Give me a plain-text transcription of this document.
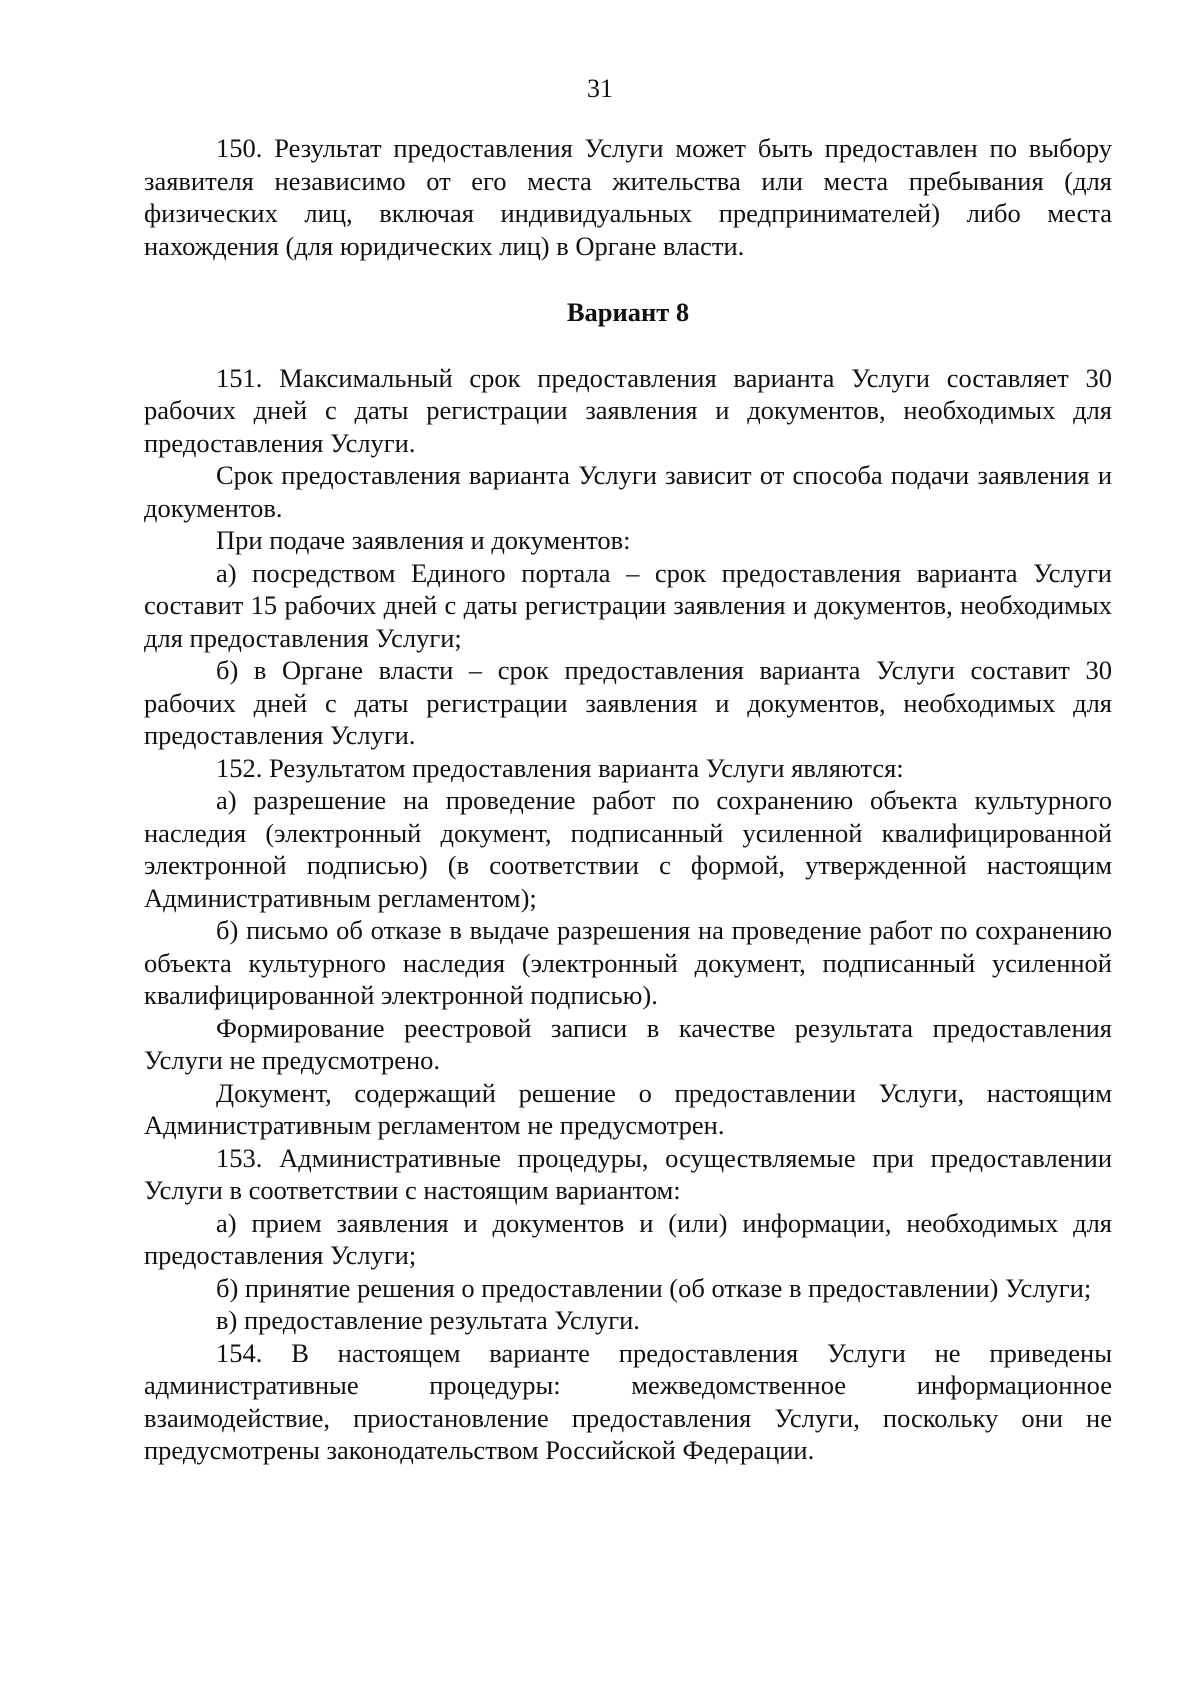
31

150. Результат предоставления Услуги может быть предоставлен по выбору заявителя независимо от его места жительства или места пребывания (для физических лиц, включая индивидуальных предпринимателей) либо места нахождения (для юридических лиц) в Органе власти.

Вариант 8

151. Максимальный срок предоставления варианта Услуги составляет 30 рабочих дней с даты регистрации заявления и документов, необходимых для предоставления Услуги.

Срок предоставления варианта Услуги зависит от способа подачи заявления и документов.

При подаче заявления и документов:

а) посредством Единого портала – срок предоставления варианта Услуги составит 15 рабочих дней с даты регистрации заявления и документов, необходимых для предоставления Услуги;

б) в Органе власти – срок предоставления варианта Услуги составит 30 рабочих дней с даты регистрации заявления и документов, необходимых для предоставления Услуги.

152. Результатом предоставления варианта Услуги являются:

а) разрешение на проведение работ по сохранению объекта культурного наследия (электронный документ, подписанный усиленной квалифицированной электронной подписью) (в соответствии с формой, утвержденной настоящим Административным регламентом);

б) письмо об отказе в выдаче разрешения на проведение работ по сохранению объекта культурного наследия (электронный документ, подписанный усиленной квалифицированной электронной подписью).

Формирование реестровой записи в качестве результата предоставления Услуги не предусмотрено.

Документ, содержащий решение о предоставлении Услуги, настоящим Административным регламентом не предусмотрен.

153. Административные процедуры, осуществляемые при предоставлении Услуги в соответствии с настоящим вариантом:

а) прием заявления и документов и (или) информации, необходимых для предоставления Услуги;

б) принятие решения о предоставлении (об отказе в предоставлении) Услуги;

в) предоставление результата Услуги.

154. В настоящем варианте предоставления Услуги не приведены административные процедуры: межведомственное информационное взаимодействие, приостановление предоставления Услуги, поскольку они не предусмотрены законодательством Российской Федерации.
